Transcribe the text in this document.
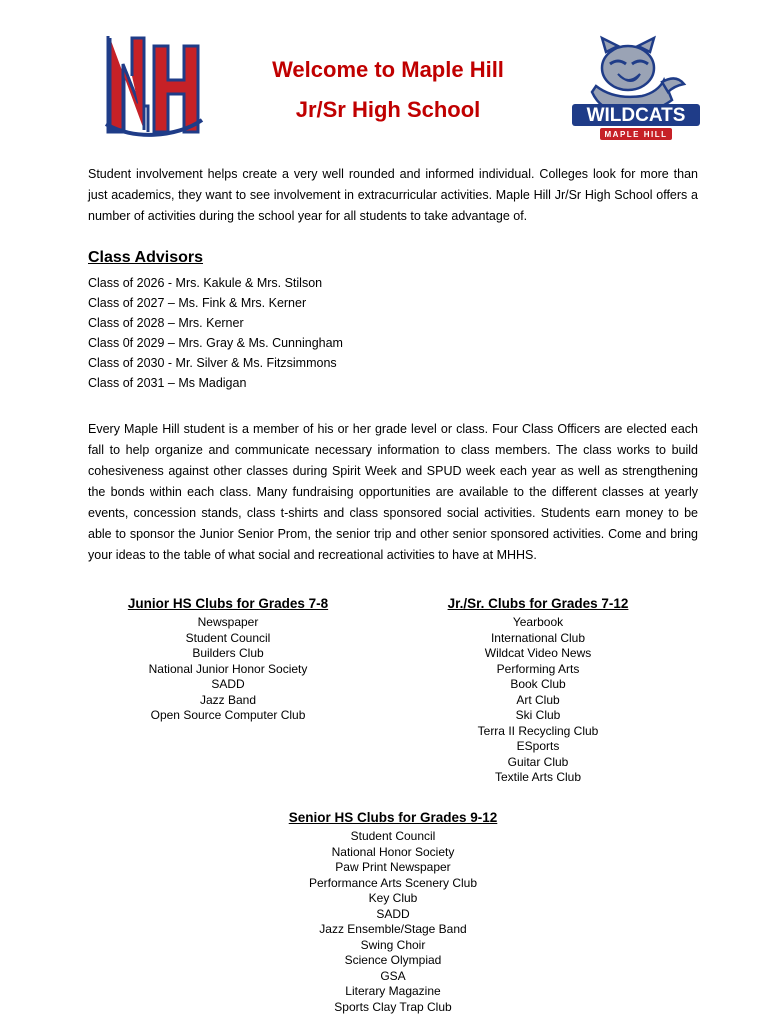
WILDCATS
MAPLE HILL
Welcome to Maple Hill
Jr/Sr High School

Student involvement helps create a very well rounded and informed individual. Colleges look for more than just academics, they want to see involvement in extracurricular activities. Maple Hill Jr/Sr High School offers a number of activities during the school year for all students to take advantage of.

Class Advisors
Class of 2026 - Mrs. Kakule & Mrs. Stilson
Class of 2027 – Ms. Fink & Mrs. Kerner
Class of 2028 – Mrs. Kerner
Class 0f 2029 – Mrs. Gray & Ms. Cunningham
Class of 2030 - Mr. Silver & Ms. Fitzsimmons
Class of 2031 – Ms Madigan

Every Maple Hill student is a member of his or her grade level or class. Four Class Officers are elected each fall to help organize and communicate necessary information to class members. The class works to build cohesiveness against other classes during Spirit Week and SPUD week each year as well as strengthening the bonds within each class. Many fundraising opportunities are available to the different classes at yearly events, concession stands, class t-shirts and class sponsored social activities. Students earn money to be able to sponsor the Junior Senior Prom, the senior trip and other senior sponsored activities. Come and bring your ideas to the table of what social and recreational activities to have at MHHS.

Junior HS Clubs for Grades 7-8
Newspaper
Student Council
Builders Club
National Junior Honor Society
SADD
Jazz Band
Open Source Computer Club
Jr./Sr. Clubs for Grades 7-12
Yearbook
International Club
Wildcat Video News
Performing Arts
Book Club
Art Club
Ski Club
Terra II Recycling Club
ESports
Guitar Club
Textile Arts Club
Senior HS Clubs for Grades 9-12
Student Council
National Honor Society
Paw Print Newspaper
Performance Arts Scenery Club
Key Club
SADD
Jazz Ensemble/Stage Band
Swing Choir
Science Olympiad
GSA
Literary Magazine
Sports Clay Trap Club
